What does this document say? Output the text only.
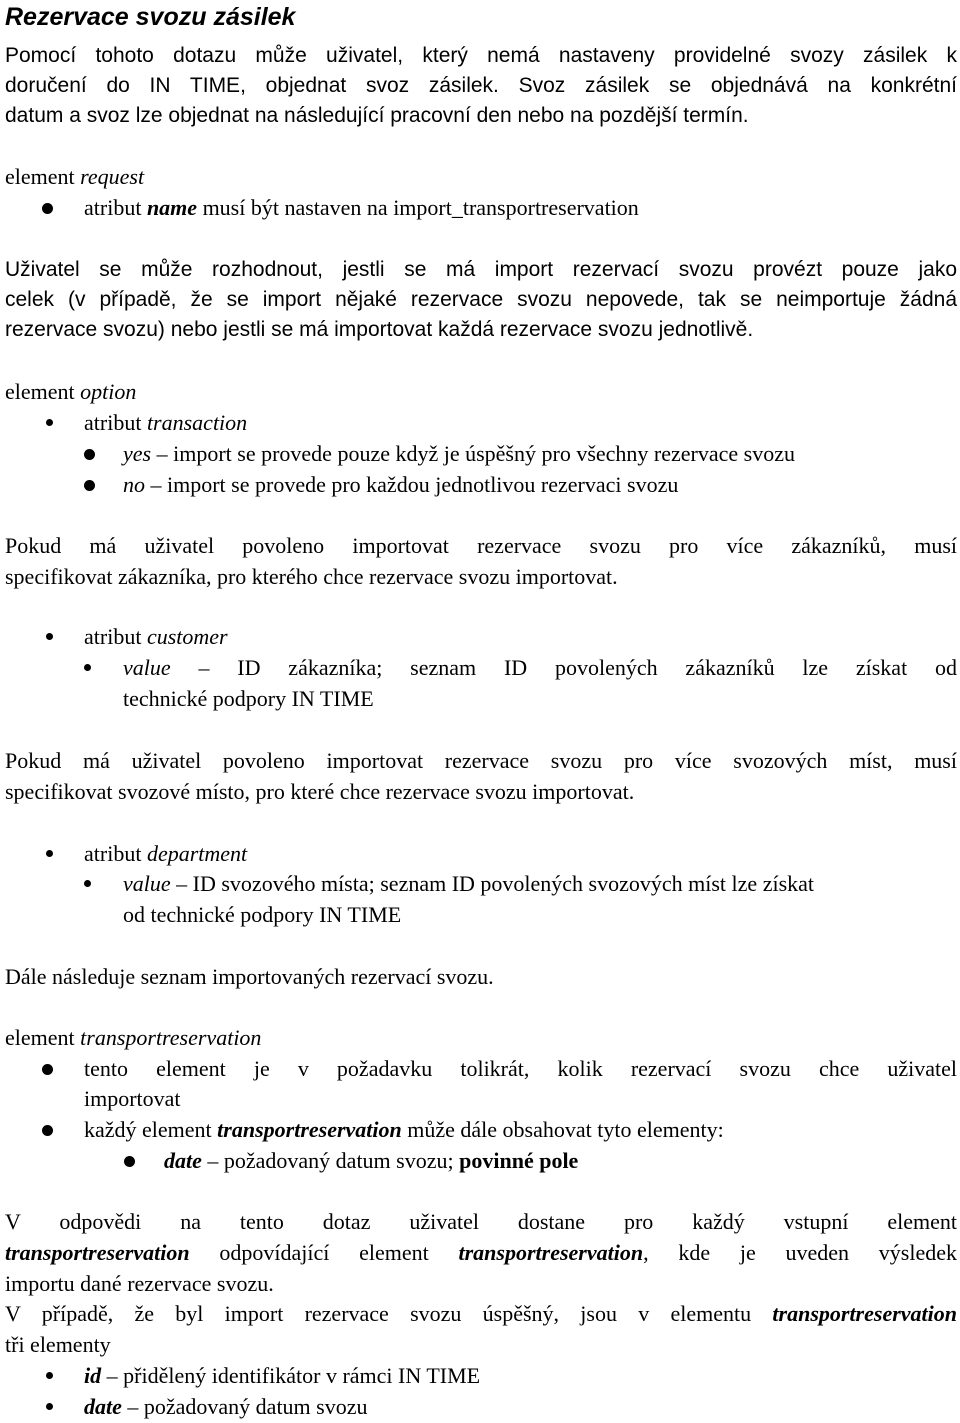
Rezervace svozu zásilek
Pomocí tohoto dotazu může uživatel, který nemá nastaveny providelné svozy zásilek k
doručení do IN TIME, objednat svoz zásilek. Svoz zásilek se objednává na konkrétní
datum a svoz lze objednat na následující pracovní den nebo na pozdější termín.
element request
atribut name musí být nastaven na import_transportreservation
Uživatel se může rozhodnout, jestli se má import rezervací svozu provézt pouze jako
celek (v případě, že se import nějaké rezervace svozu nepovede, tak se neimportuje žádná
rezervace svozu) nebo jestli se má importovat každá rezervace svozu jednotlivě.
element option
atribut transaction
yes – import se provede pouze když je úspěšný pro všechny rezervace svozu
no – import se provede pro každou jednotlivou rezervaci svozu
Pokud má uživatel povoleno importovat rezervace svozu pro více zákazníků, musí
specifikovat zákazníka, pro kterého chce rezervace svozu importovat.
atribut customer
value – ID zákazníka; seznam ID povolených zákazníků lze získat od
technické podpory IN TIME
Pokud má uživatel povoleno importovat rezervace svozu pro více svozových míst, musí
specifikovat svozové místo, pro které chce rezervace svozu importovat.
atribut department
value – ID svozového místa; seznam ID povolených svozových míst lze získat
od technické podpory IN TIME
Dále následuje seznam importovaných rezervací svozu.
element transportreservation
tento element je v požadavku tolikrát, kolik rezervací svozu chce uživatel
importovat
každý element transportreservation může dále obsahovat tyto elementy:
date – požadovaný datum svozu; povinné pole
V odpovědi na tento dotaz uživatel dostane pro každý vstupní element
transportreservation odpovídající element transportreservation, kde je uveden výsledek
importu dané rezervace svozu.
V případě, že byl import rezervace svozu úspěšný, jsou v elementu transportreservation
tři elementy
id – přidělený identifikátor v rámci IN TIME
date – požadovaný datum svozu
